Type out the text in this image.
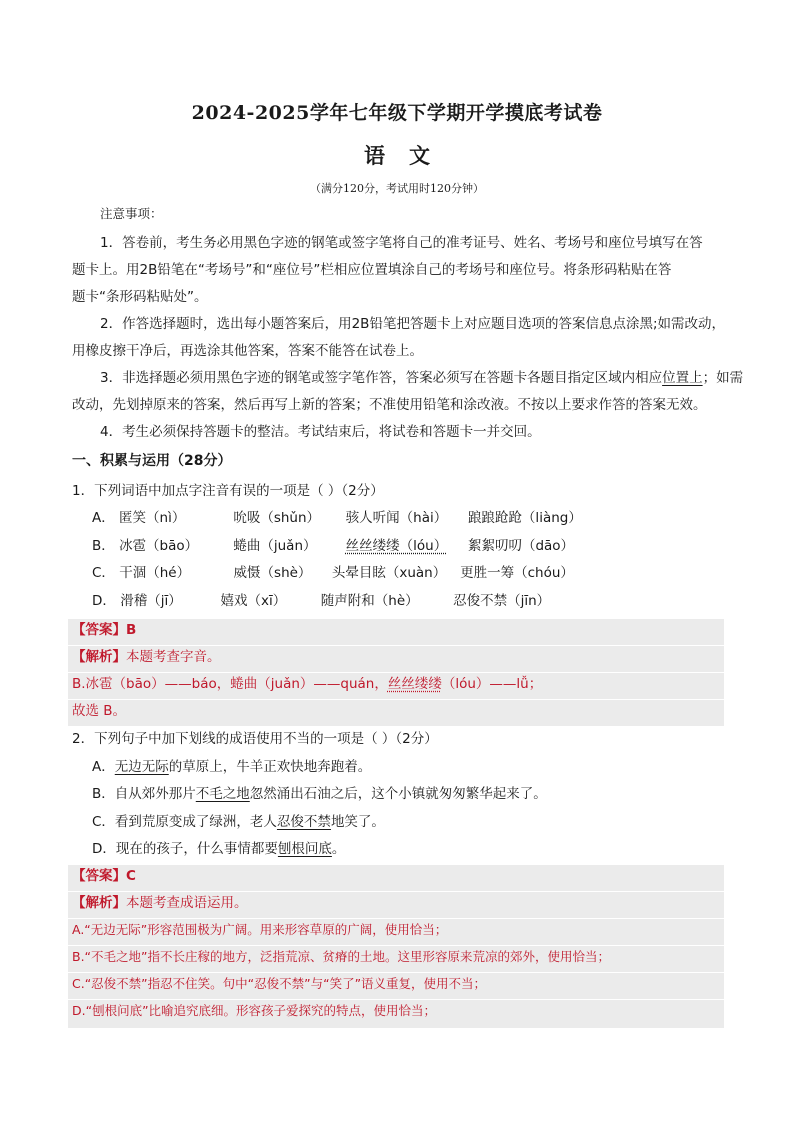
2024-2025学年七年级下学期开学摸底考试卷
语文
（满分120分，考试用时120分钟）
注意事项：
1．答卷前，考生务必用黑色字迹的钢笔或签字笔将自己的准考证号、姓名、考场号和座位号填写在答
题卡上。用2B铅笔在“考场号”和“座位号”栏相应位置填涂自己的考场号和座位号。将条形码粘贴在答
题卡“条形码粘贴处”。
2．作答选择题时，选出每小题答案后，用2B铅笔把答题卡上对应题目选项的答案信息点涂黑;如需改动，
用橡皮擦干净后，再选涂其他答案，答案不能答在试卷上。
3．非选择题必须用黑色字迹的钢笔或签字笔作答，答案必须写在答题卡各题目指定区域内相应位置上；如需
改动，先划掉原来的答案，然后再写上新的答案；不准使用铅笔和涂改液。不按以上要求作答的答案无效。
4．考生必须保持答题卡的整洁。考试结束后，将试卷和答题卡一并交回。
一、积累与运用（28分）
1．下列词语中加点字注音有误的一项是（ ）（2分）
A． 匿笑（nì）	吮吸（shǔn） 骇人听闻（hài） 踉踉跄跄（liàng）
B． 冰雹（bāo）	蜷曲（juǎn） 丝丝缕缕（lóu） 絮絮叨叨（dāo）
C． 干涸（hé）	威慑（shè） 头晕目眩（xuàn） 更胜一筹（chóu）
D． 滑稽（jī）	嬉戏（xī）	随声附和（hè）	忍俊不禁（jīn）
【答案】B
【解析】本题考查字音。
B.冰雹（bāo）——báo，蜷曲（juǎn）——quán，丝丝缕缕（lóu）——lǚ；
故选 B。
2．下列句子中加下划线的成语使用不当的一项是（ ）（2分）
A．无边无际的草原上，牛羊正欢快地奔跑着。
B．自从郊外那片不毛之地忽然涌出石油之后，这个小镇就匆匆繁华起来了。
C．看到荒原变成了绿洲，老人忍俊不禁地笑了。
D．现在的孩子，什么事情都要刨根问底。
【答案】C
【解析】本题考查成语运用。
A.“无边无际”形容范围极为广阔。用来形容草原的广阔，使用恰当；
B.“不毛之地”指不长庄稼的地方，泛指荒凉、贫瘠的土地。这里形容原来荒凉的郊外，使用恰当；
C.“忍俊不禁”指忍不住笑。句中“忍俊不禁”与“笑了”语义重复，使用不当；
D.“刨根问底”比喻追究底细。形容孩子爱探究的特点，使用恰当；
